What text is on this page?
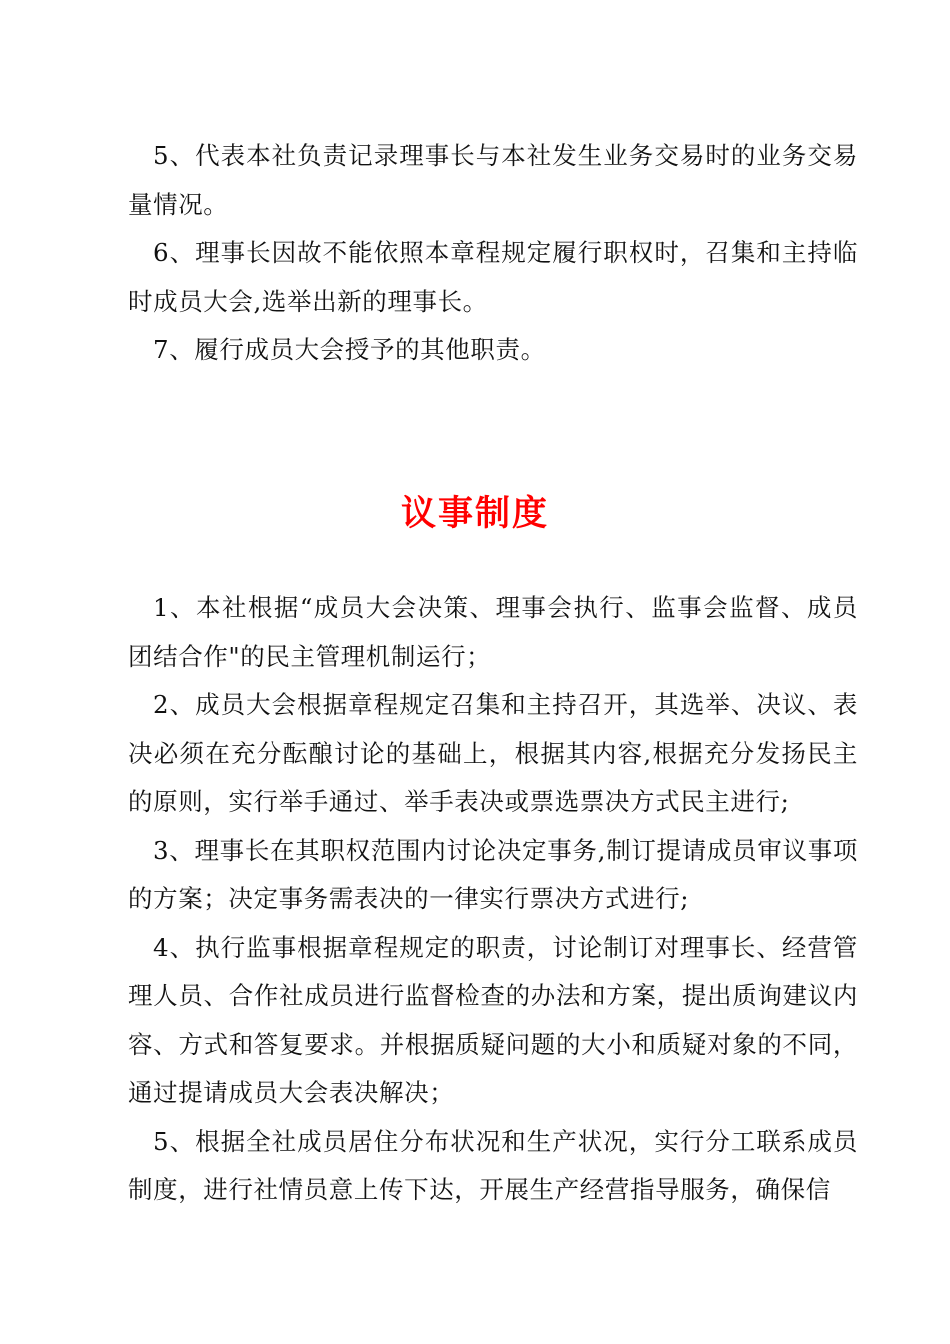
5、代表本社负责记录理事长与本社发生业务交易时的业务交易量情况。

6、理事长因故不能依照本章程规定履行职权时，召集和主持临时成员大会,选举出新的理事长。

7、履行成员大会授予的其他职责。

议事制度

1、本社根据“成员大会决策、理事会执行、监事会监督、成员团结合作"的民主管理机制运行；

2、成员大会根据章程规定召集和主持召开，其选举、决议、表决必须在充分酝酿讨论的基础上，根据其内容,根据充分发扬民主的原则，实行举手通过、举手表决或票选票决方式民主进行;

3、理事长在其职权范围内讨论决定事务,制订提请成员审议事项的方案；决定事务需表决的一律实行票决方式进行;

4、执行监事根据章程规定的职责，讨论制订对理事长、经营管理人员、合作社成员进行监督检查的办法和方案，提出质询建议内容、方式和答复要求。并根据质疑问题的大小和质疑对象的不同，通过提请成员大会表决解决；

5、根据全社成员居住分布状况和生产状况，实行分工联系成员制度，进行社情员意上传下达，开展生产经营指导服务，确保信
